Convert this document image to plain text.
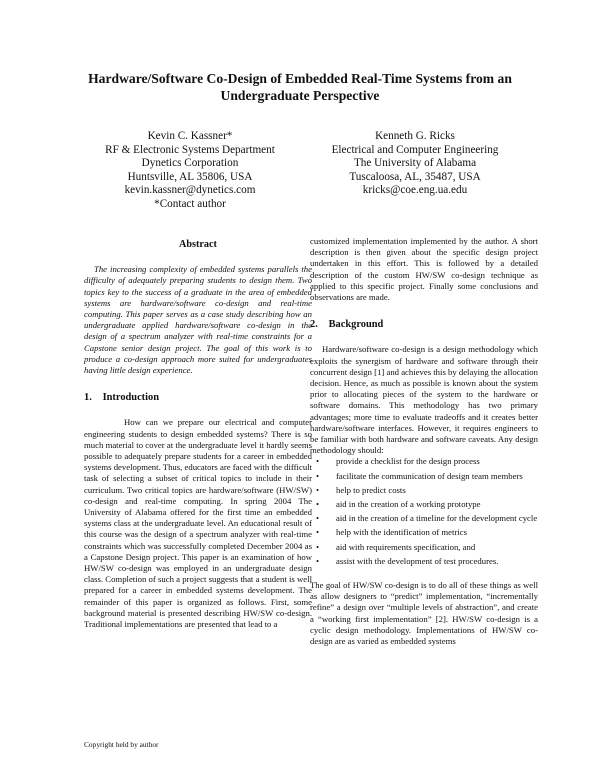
Hardware/Software Co-Design of Embedded Real-Time Systems from an Undergraduate Perspective
Kevin C. Kassner*
RF & Electronic Systems Department
Dynetics Corporation
Huntsville, AL 35806, USA
kevin.kassner@dynetics.com
*Contact author
Kenneth G. Ricks
Electrical and Computer Engineering
The University of Alabama
Tuscaloosa, AL, 35487, USA
kricks@coe.eng.ua.edu
Abstract

The increasing complexity of embedded systems parallels the difficulty of adequately preparing students to design them. Two topics key to the success of a graduate in the area of embedded systems are hardware/software co-design and real-time computing. This paper serves as a case study describing how an undergraduate applied hardware/software co-design in the design of a spectrum analyzer with real-time constraints for a Capstone senior design project. The goal of this work is to produce a co-design approach more suited for undergraduates having little design experience.

1. Introduction

How can we prepare our electrical and computer engineering students to design embedded systems? There is so much material to cover at the undergraduate level it hardly seems possible to adequately prepare students for a career in embedded systems development. Thus, educators are faced with the difficult task of selecting a subset of critical topics to include in their curriculum. Two critical topics are hardware/software (HW/SW) co-design and real-time computing. In spring 2004 The University of Alabama offered for the first time an embedded systems class at the undergraduate level. An educational result of this course was the design of a spectrum analyzer with real-time constraints which was successfully completed December 2004 as a Capstone Design project. This paper is an examination of how HW/SW co-design was employed in an undergraduate design class. Completion of such a project suggests that a student is well prepared for a career in embedded systems development. The remainder of this paper is organized as follows. First, some background material is presented describing HW/SW co-design. Traditional implementations are presented that lead to a

customized implementation implemented by the author. A short description is then given about the specific design project undertaken in this effort. This is followed by a detailed description of the custom HW/SW co-design technique as applied to this specific project. Finally some conclusions and observations are made.

2. Background

Hardware/software co-design is a design methodology which exploits the synergism of hardware and software through their concurrent design [1] and achieves this by delaying the allocation decision. Hence, as much as possible is known about the system prior to allocating pieces of the system to the hardware or software domains. This methodology has two primary advantages; more time to evaluate tradeoffs and it creates better hardware/software interfaces. However, it requires engineers to be familiar with both hardware and software caveats. Any design methodology should:

• provide a checklist for the design process
• facilitate the communication of design team members
• help to predict costs
• aid in the creation of a working prototype
• aid in the creation of a timeline for the development cycle
• help with the identification of metrics
• aid with requirements specification, and
• assist with the development of test procedures.

The goal of HW/SW co-design is to do all of these things as well as allow designers to “predict” implementation, “incrementally refine” a design over “multiple levels of abstraction”, and create a “working first implementation” [2]. HW/SW co-design is a cyclic design methodology. Implementations of HW/SW co-design are as varied as embedded systems

Copyright held by author
